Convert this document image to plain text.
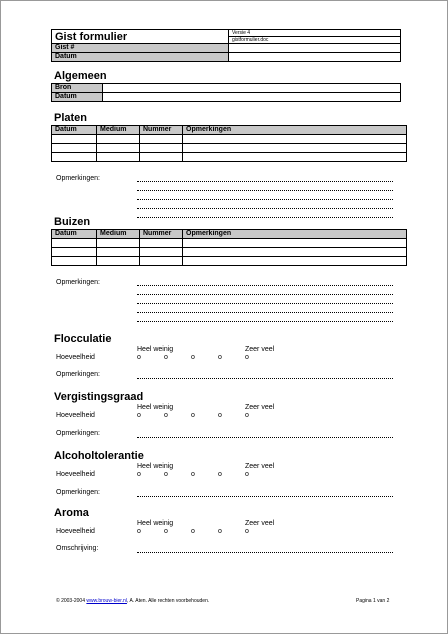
Gist formulier	Versie 4
	gistformulier.doc
Gist #	
Datum	
Algemeen
Bron	
Datum	
Platen
Datum	Medium	Nummer	Opmerkingen

Opmerkingen:
Buizen
Datum	Medium	Nummer	Opmerkingen

Opmerkingen:
Flocculatie
Heel weinig	Zeer veel
Hoeveelheid	o	o	o	o	o
Opmerkingen:
Vergistingsgraad
Heel weinig	Zeer veel
Hoeveelheid	o	o	o	o	o
Opmerkingen:
Alcoholtolerantie
Heel weinig	Zeer veel
Hoeveelheid	o	o	o	o	o
Opmerkingen:
Aroma
Heel weinig	Zeer veel
Hoeveelheid	o	o	o	o	o
Omschrijving:
© 2003-2004 www.brouw-bier.nl, A. Aten. Alle rechten voorbehouden.	Pagina 1 van 2
